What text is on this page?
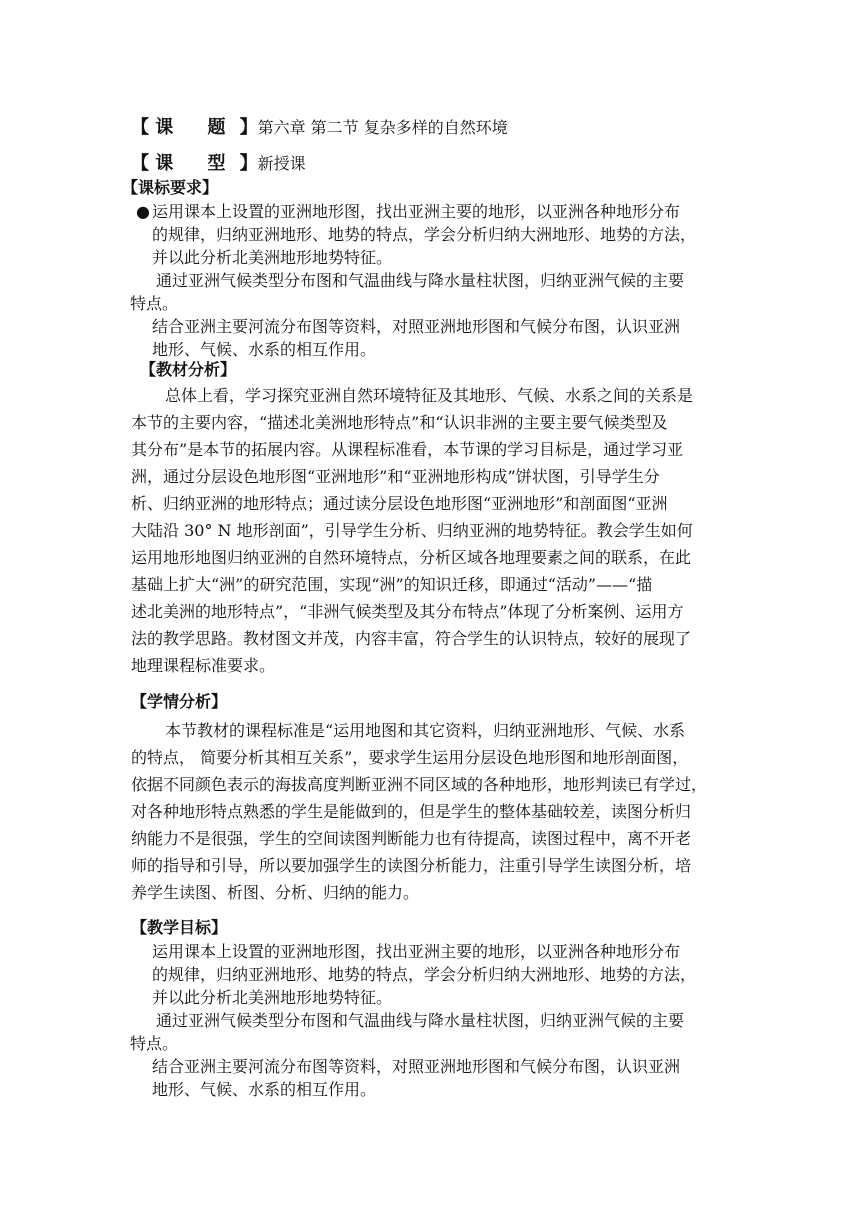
【 课 题】第六章 第二节 复杂多样的自然环境
【 课 型】新授课
【课标要求】
● 运用课本上设置的亚洲地形图，找出亚洲主要的地形，以亚洲各种地形分布
的规律，归纳亚洲地形、地势的特点，学会分析归纳大洲地形、地势的方法，
并以此分析北美洲地形地势特征。
通过亚洲气候类型分布图和气温曲线与降水量柱状图，归纳亚洲气候的主要
特点。
结合亚洲主要河流分布图等资料，对照亚洲地形图和气候分布图，认识亚洲
地形、气候、水系的相互作用。
【教材分析】
总体上看，学习探究亚洲自然环境特征及其地形、气候、水系之间的关系是
本节的主要内容，“描述北美洲地形特点”和“认识非洲的主要主要气候类型及
其分布”是本节的拓展内容。从课程标准看，本节课的学习目标是，通过学习亚
洲，通过分层设色地形图“亚洲地形”和“亚洲地形构成”饼状图，引导学生分
析、归纳亚洲的地形特点；通过读分层设色地形图“亚洲地形”和剖面图“亚洲
大陆沿 30° N 地形剖面”，引导学生分析、归纳亚洲的地势特征。教会学生如何
运用地形地图归纳亚洲的自然环境特点，分析区域各地理要素之间的联系，在此
基础上扩大“洲”的研究范围，实现“洲”的知识迁移，即通过“活动”——“描
述北美洲的地形特点”，“非洲气候类型及其分布特点”体现了分析案例、运用方
法的教学思路。教材图文并茂，内容丰富，符合学生的认识特点，较好的展现了
地理课程标准要求。
【学情分析】
本节教材的课程标准是“运用地图和其它资料，归纳亚洲地形、气候、水系
的特点， 简要分析其相互关系”，要求学生运用分层设色地形图和地形剖面图，
依据不同颜色表示的海拔高度判断亚洲不同区域的各种地形，地形判读已有学过，
对各种地形特点熟悉的学生是能做到的，但是学生的整体基础较差，读图分析归
纳能力不是很强，学生的空间读图判断能力也有待提高，读图过程中，离不开老
师的指导和引导，所以要加强学生的读图分析能力，注重引导学生读图分析，培
养学生读图、析图、分析、归纳的能力。
【教学目标】
运用课本上设置的亚洲地形图，找出亚洲主要的地形，以亚洲各种地形分布
的规律，归纳亚洲地形、地势的特点，学会分析归纳大洲地形、地势的方法，
并以此分析北美洲地形地势特征。
通过亚洲气候类型分布图和气温曲线与降水量柱状图，归纳亚洲气候的主要
特点。
结合亚洲主要河流分布图等资料，对照亚洲地形图和气候分布图，认识亚洲
地形、气候、水系的相互作用。
